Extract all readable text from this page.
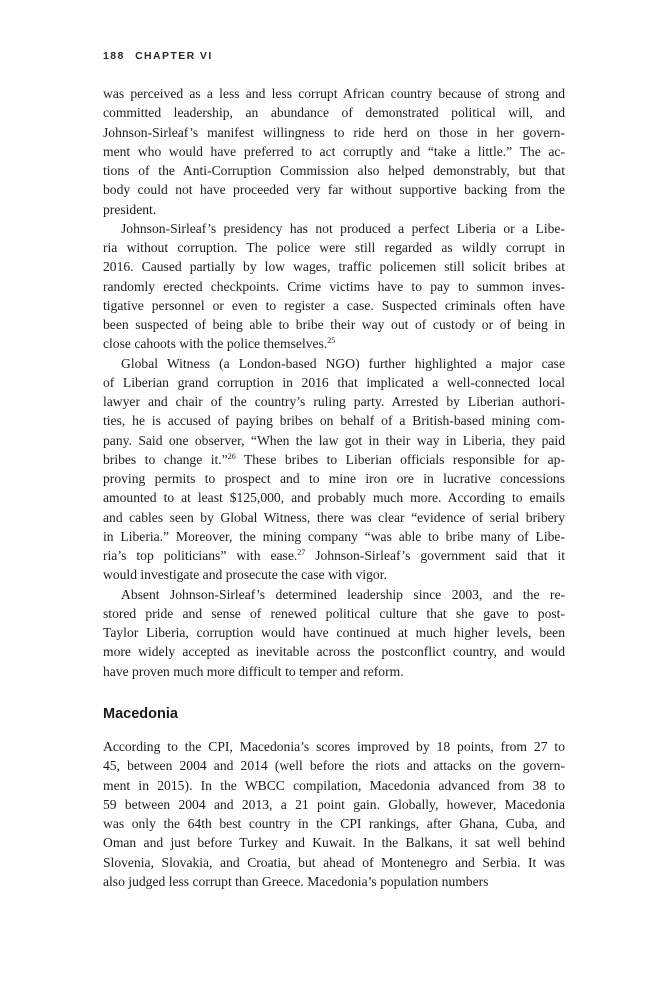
188 CHAPTER VI

was perceived as a less and less corrupt African country because of strong and

committed leadership, an abundance of demonstrated political will, and

Johnson-Sirleaf’s manifest willingness to ride herd on those in her govern-

ment who would have preferred to act corruptly and “take a little.” The ac-

tions of the Anti-Corruption Commission also helped demonstrably, but that

body could not have proceeded very far without supportive backing from the

president.

Johnson-Sirleaf’s presidency has not produced a perfect Liberia or a Libe-

ria without corruption. The police were still regarded as wildly corrupt in

2016. Caused partially by low wages, traffic policemen still solicit bribes at

randomly erected checkpoints. Crime victims have to pay to summon inves-

tigative personnel or even to register a case. Suspected criminals often have

been suspected of being able to bribe their way out of custody or of being in

close cahoots with the police themselves.$^{25}$

Global Witness (a London-based NGO) further highlighted a major case

of Liberian grand corruption in 2016 that implicated a well-connected local

lawyer and chair of the country’s ruling party. Arrested by Liberian authori-

ties, he is accused of paying bribes on behalf of a British-based mining com-

pany. Said one observer, “When the law got in their way in Liberia, they paid

bribes to change it.”$^{26}$ These bribes to Liberian officials responsible for ap-

proving permits to prospect and to mine iron ore in lucrative concessions

amounted to at least $125,000, and probably much more. According to emails

and cables seen by Global Witness, there was clear “evidence of serial bribery

in Liberia.” Moreover, the mining company “was able to bribe many of Libe-

ria’s top politicians” with ease.$^{27}$ Johnson-Sirleaf’s government said that it

would investigate and prosecute the case with vigor.

Absent Johnson-Sirleaf’s determined leadership since 2003, and the re-

stored pride and sense of renewed political culture that she gave to post-

Taylor Liberia, corruption would have continued at much higher levels, been

more widely accepted as inevitable across the postconflict country, and would

have proven much more difficult to temper and reform.

Macedonia

According to the CPI, Macedonia’s scores improved by 18 points, from 27 to

45, between 2004 and 2014 (well before the riots and attacks on the govern-

ment in 2015). In the WBCC compilation, Macedonia advanced from 38 to

59 between 2004 and 2013, a 21 point gain. Globally, however, Macedonia

was only the 64th best country in the CPI rankings, after Ghana, Cuba, and

Oman and just before Turkey and Kuwait. In the Balkans, it sat well behind

Slovenia, Slovakia, and Croatia, but ahead of Montenegro and Serbia. It was

also judged less corrupt than Greece. Macedonia’s population numbers
